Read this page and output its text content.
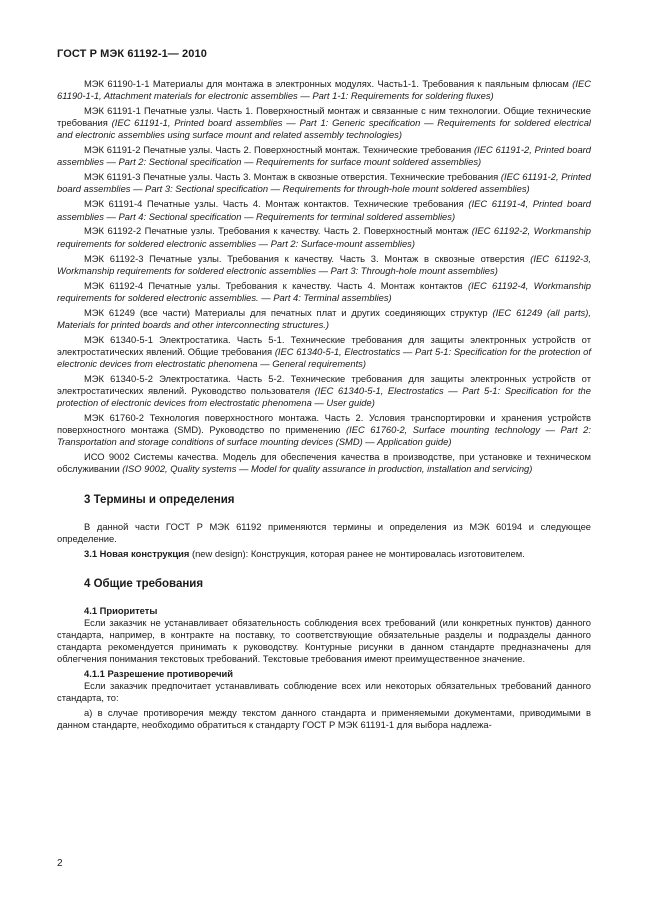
ГОСТ Р МЭК 61192-1— 2010

МЭК 61190-1-1 Материалы для монтажа в электронных модулях. Часть1-1. Требования к паяльным флюсам (IEC 61190-1-1, Attachment materials for electronic assemblies — Part 1-1: Requirements for soldering fluxes)

МЭК 61191-1 Печатные узлы. Часть 1. Поверхностный монтаж и связанные с ним технологии. Общие технические требования (IEC 61191-1, Printed board assemblies — Part 1: Generic specification — Requirements for soldered electrical and electronic assemblies using surface mount and related assembly technologies)

МЭК 61191-2 Печатные узлы. Часть 2. Поверхностный монтаж. Технические требования (IEC 61191-2, Printed board assemblies — Part 2: Sectional specification — Requirements for surface mount soldered assemblies)

МЭК 61191-3 Печатные узлы. Часть 3. Монтаж в сквозные отверстия. Технические требования (IEC 61191-2, Printed board assemblies — Part 3: Sectional specification — Requirements for through-hole mount soldered assemblies)

МЭК 61191-4 Печатные узлы. Часть 4. Монтаж контактов. Технические требования (IEC 61191-4, Printed board assemblies — Part 4: Sectional specification — Requirements for terminal soldered assemblies)

МЭК 61192-2 Печатные узлы. Требования к качеству. Часть 2. Поверхностный монтаж (IEC 61192-2, Workmanship requirements for soldered electronic assemblies — Part 2: Surface-mount assemblies)

МЭК 61192-3 Печатные узлы. Требования к качеству. Часть 3. Монтаж в сквозные отверстия (IEC 61192-3, Workmanship requirements for soldered electronic assemblies — Part 3: Through-hole mount assemblies)

МЭК 61192-4 Печатные узлы. Требования к качеству. Часть 4. Монтаж контактов (IEC 61192-4, Workmanship requirements for soldered electronic assemblies. — Part 4: Terminal assemblies)

МЭК 61249 (все части) Материалы для печатных плат и других соединяющих структур (IEC 61249 (all parts), Materials for printed boards and other interconnecting structures.)

МЭК 61340-5-1 Электростатика. Часть 5-1. Технические требования для защиты электронных устройств от электростатических явлений. Общие требования (IEC 61340-5-1, Electrostatics — Part 5-1: Specification for the protection of electronic devices from electrostatic phenomena — General requirements)

МЭК 61340-5-2 Электростатика. Часть 5-2. Технические требования для защиты электронных устройств от электростатических явлений. Руководство пользователя (IEC 61340-5-1, Electrostatics — Part 5-1: Specification for the protection of electronic devices from electrostatic phenomena — User guide)

МЭК 61760-2 Технология поверхностного монтажа. Часть 2. Условия транспортировки и хранения устройств поверхностного монтажа (SMD). Руководство по применению (IEC 61760-2, Surface mounting technology — Part 2: Transportation and storage conditions of surface mounting devices (SMD) — Application guide)

ИСО 9002 Системы качества. Модель для обеспечения качества в производстве, при установке и техническом обслуживании (ISO 9002, Quality systems — Model for quality assurance in production, installation and servicing)

3 Термины и определения

В данной части ГОСТ Р МЭК 61192 применяются термины и определения из МЭК 60194 и следующее определение.

3.1 Новая конструкция (new design): Конструкция, которая ранее не монтировалась изготовителем.

4 Общие требования

4.1 Приоритеты

Если заказчик не устанавливает обязательность соблюдения всех требований (или конкретных пунктов) данного стандарта, например, в контракте на поставку, то соответствующие обязательные разделы и подразделы данного стандарта рекомендуется принимать к руководству. Контурные рисунки в данном стандарте предназначены для облегчения понимания текстовых требований. Текстовые требования имеют преимущественное значение.

4.1.1 Разрешение противоречий

Если заказчик предпочитает устанавливать соблюдение всех или некоторых обязательных требований данного стандарта, то:

а) в случае противоречия между текстом данного стандарта и применяемыми документами, приводимыми в данном стандарте, необходимо обратиться к стандарту ГОСТ Р МЭК 61191-1 для выбора надлежа-

2
